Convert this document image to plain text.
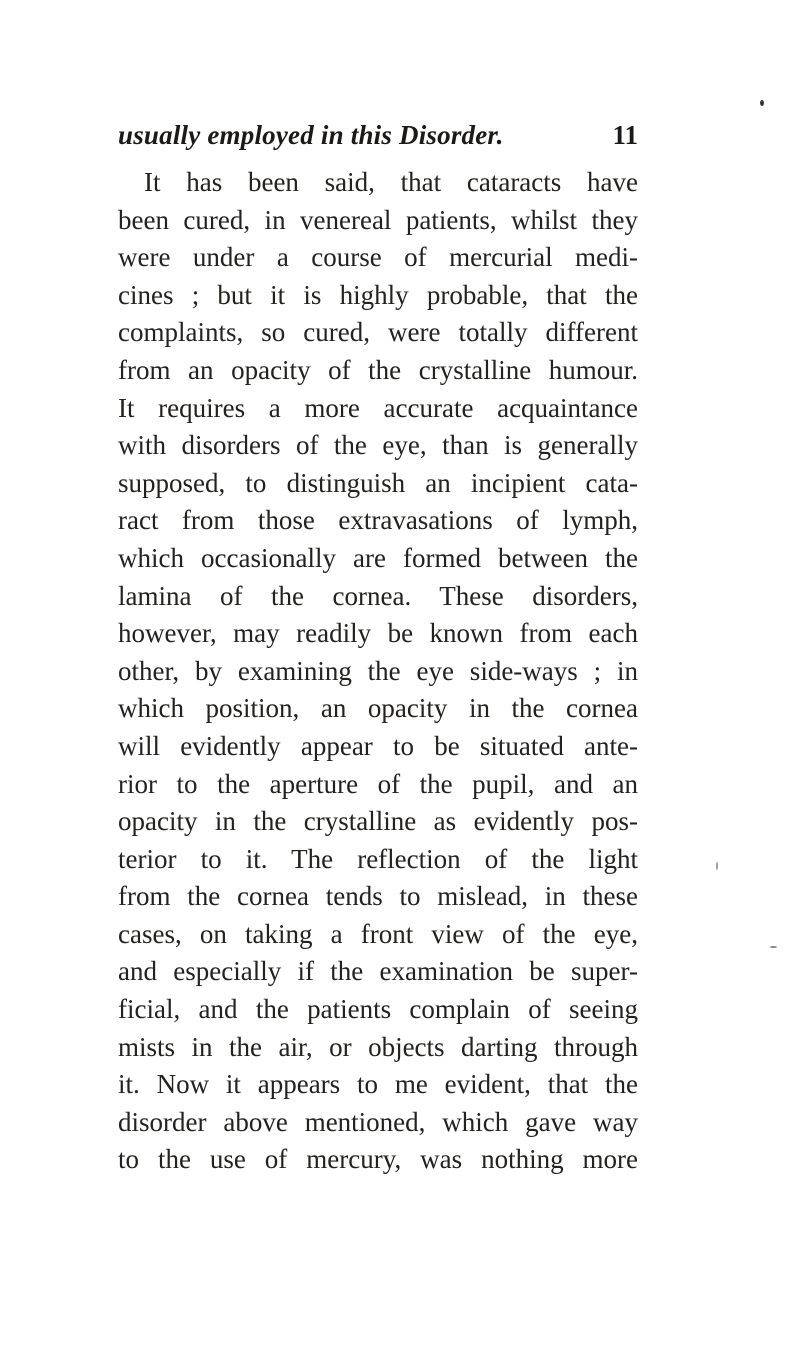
usually employed in this Disorder.	11
It has been said, that cataracts have
been cured, in venereal patients, whilst they
were under a course of mercurial medi-
cines ; but it is highly probable, that the
complaints, so cured, were totally different
from an opacity of the crystalline humour.
It requires a more accurate acquaintance
with disorders of the eye, than is generally
supposed, to distinguish an incipient cata-
ract from those extravasations of lymph,
which occasionally are formed between the
lamina of the cornea. These disorders,
however, may readily be known from each
other, by examining the eye side-ways ; in
which position, an opacity in the cornea
will evidently appear to be situated ante-
rior to the aperture of the pupil, and an
opacity in the crystalline as evidently pos-
terior to it. The reflection of the light
from the cornea tends to mislead, in these
cases, on taking a front view of the eye,
and especially if the examination be super-
ficial, and the patients complain of seeing
mists in the air, or objects darting through
it. Now it appears to me evident, that the
disorder above mentioned, which gave way
to the use of mercury, was nothing more
